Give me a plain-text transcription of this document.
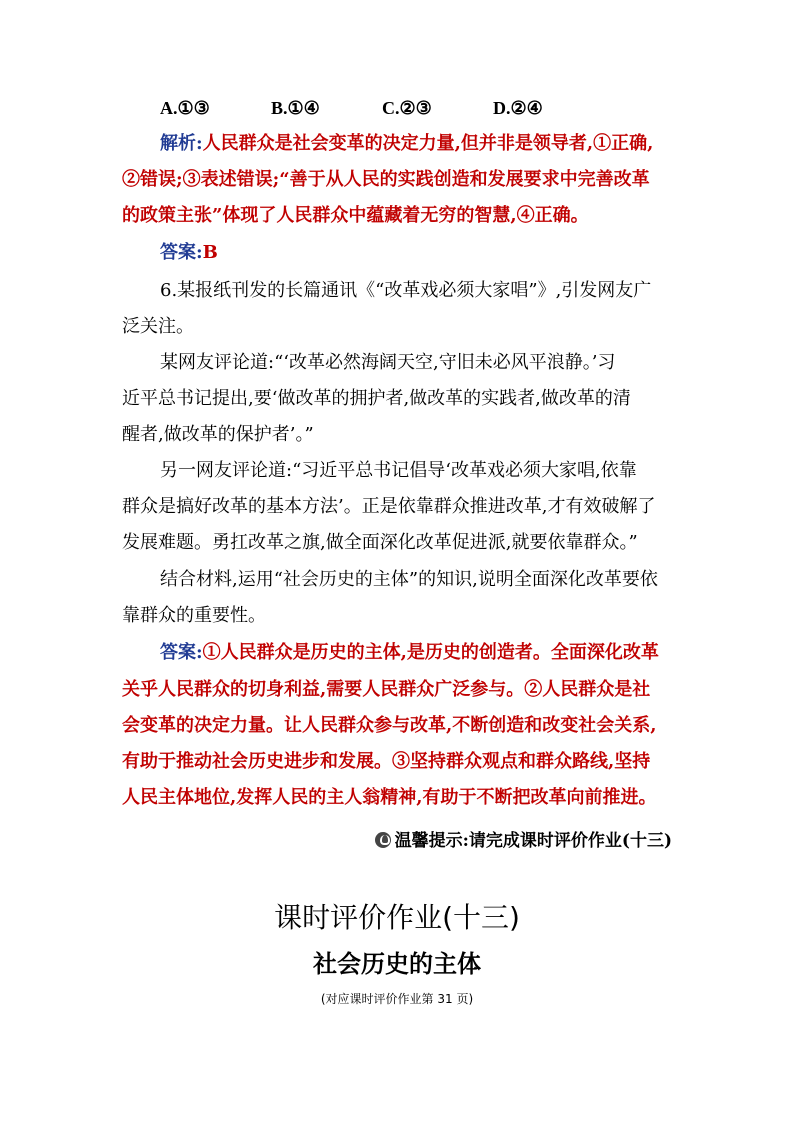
A.①③	B.①④	C.②③	D.②④
解析:人民群众是社会变革的决定力量,但并非是领导者,①正确,
②错误;③表述错误;“善于从人民的实践创造和发展要求中完善改革
的政策主张”体现了人民群众中蕴藏着无穷的智慧,④正确。
答案:B
6.某报纸刊发的长篇通讯《“改革戏必须大家唱”》,引发网友广
泛关注。
某网友评论道:“‘改革必然海阔天空,守旧未必风平浪静。’习
近平总书记提出,要‘做改革的拥护者,做改革的实践者,做改革的清
醒者,做改革的保护者’。”
另一网友评论道:“习近平总书记倡导‘改革戏必须大家唱,依靠
群众是搞好改革的基本方法’。正是依靠群众推进改革,才有效破解了
发展难题。勇扛改革之旗,做全面深化改革促进派,就要依靠群众。”
结合材料,运用“社会历史的主体”的知识,说明全面深化改革要依
靠群众的重要性。
答案:①人民群众是历史的主体,是历史的创造者。全面深化改革
关乎人民群众的切身利益,需要人民群众广泛参与。②人民群众是社
会变革的决定力量。让人民群众参与改革,不断创造和改变社会关系,
有助于推动社会历史进步和发展。③坚持群众观点和群众路线,坚持
人民主体地位,发挥人民的主人翁精神,有助于不断把改革向前推进。
温馨提示:请完成课时评价作业(十三)
课时评价作业(十三)
社会历史的主体
(对应课时评价作业第 31 页)
